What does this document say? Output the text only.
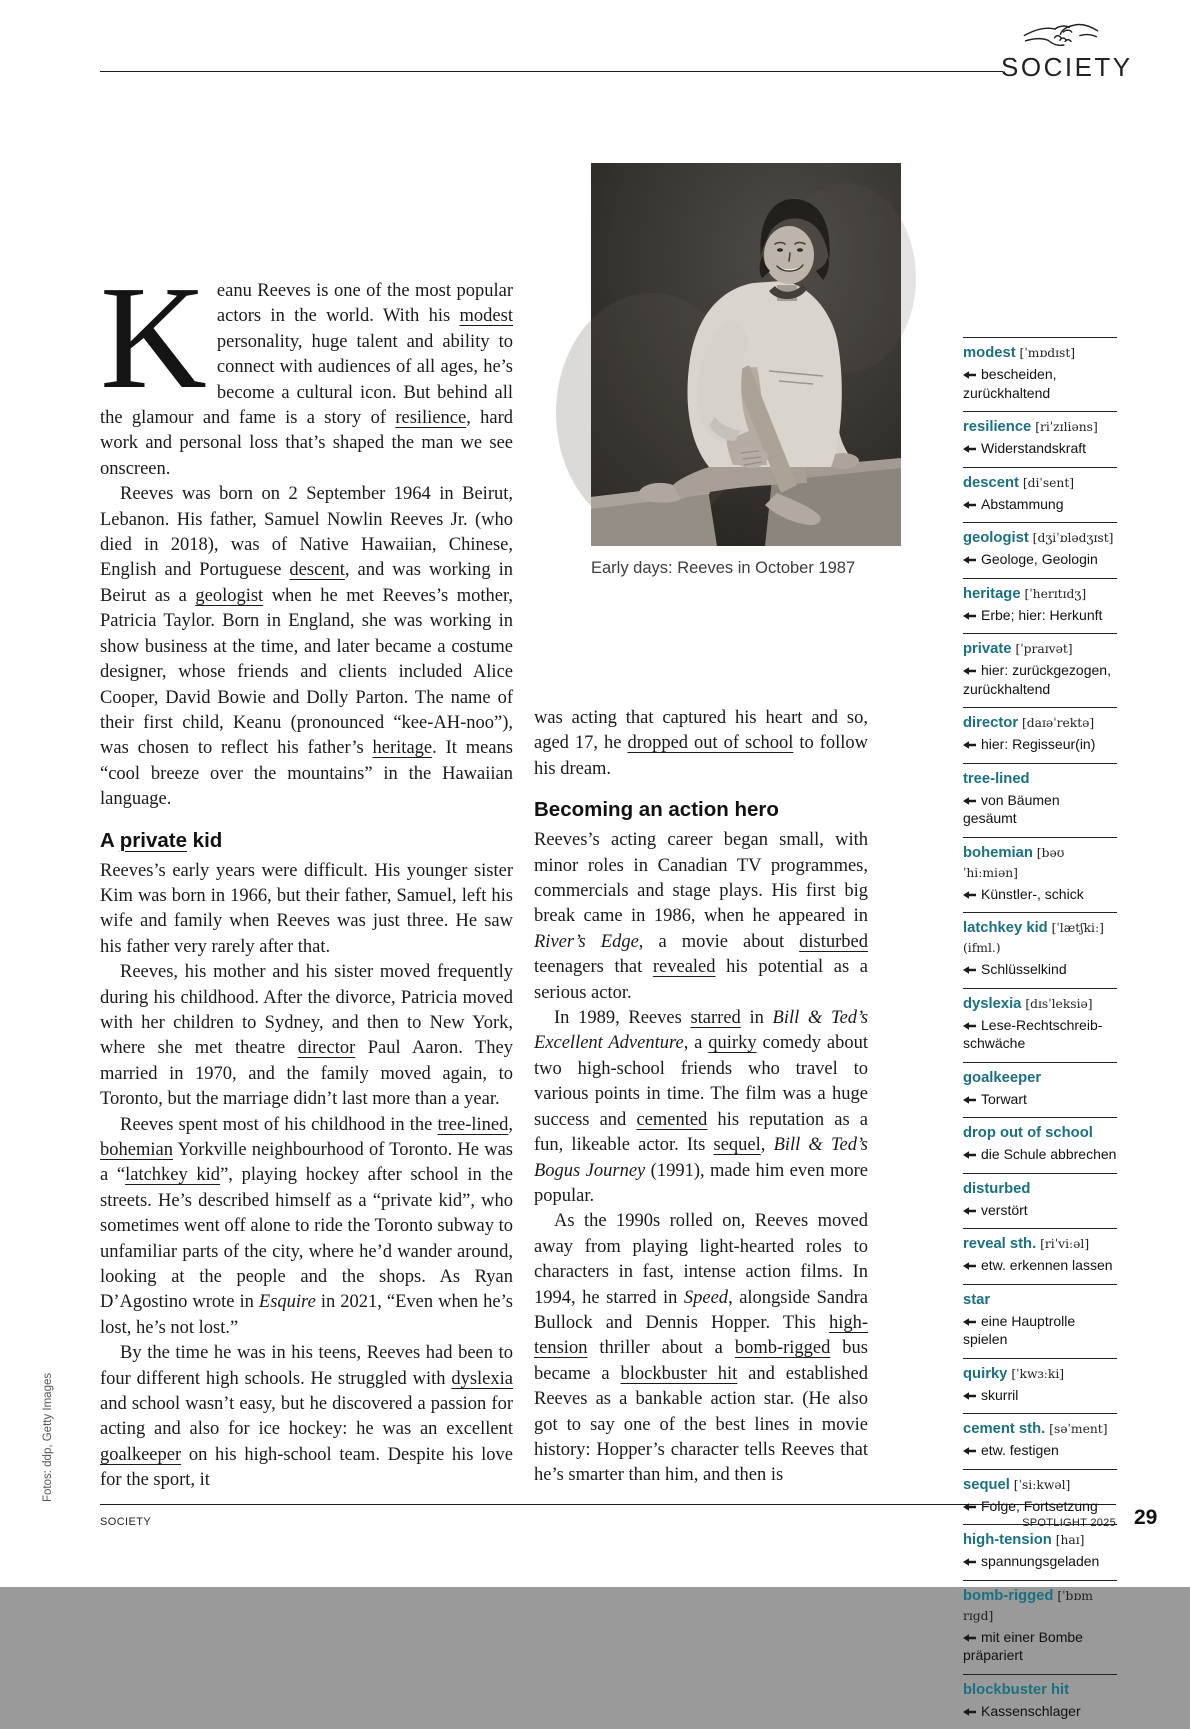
SOCIETY
Early days: Reeves in October 1987

Keanu Reeves is one of the most popular actors in the world. With his modest personality, huge talent and ability to connect with audiences of all ages, he’s become a cultural icon. But behind all the glamour and fame is a story of resilience, hard work and personal loss that’s shaped the man we see onscreen.

Reeves was born on 2 September 1964 in Beirut, Lebanon. His father, Samuel Nowlin Reeves Jr. (who died in 2018), was of Native Hawaiian, Chinese, English and Portuguese descent, and was working in Beirut as a geologist when he met Reeves’s mother, Patricia Taylor. Born in England, she was working in show business at the time, and later became a costume designer, whose friends and clients included Alice Cooper, David Bowie and Dolly Parton. The name of their first child, Keanu (pronounced “kee-AH-noo”), was chosen to reflect his father’s heritage. It means “cool breeze over the mountains” in the Hawaiian language.

A private kid

Reeves’s early years were difficult. His younger sister Kim was born in 1966, but their father, Samuel, left his wife and family when Reeves was just three. He saw his father very rarely after that.

Reeves, his mother and his sister moved frequently during his childhood. After the divorce, Patricia moved with her children to Sydney, and then to New York, where she met theatre director Paul Aaron. They married in 1970, and the family moved again, to Toronto, but the marriage didn’t last more than a year.

Reeves spent most of his childhood in the tree-lined, bohemian Yorkville neighbourhood of Toronto. He was a “latchkey kid”, playing hockey after school in the streets. He’s described himself as a “private kid”, who sometimes went off alone to ride the Toronto subway to unfamiliar parts of the city, where he’d wander around, looking at the people and the shops. As Ryan D’Agostino wrote in Esquire in 2021, “Even when he’s lost, he’s not lost.”

By the time he was in his teens, Reeves had been to four different high schools. He struggled with dyslexia and school wasn’t easy, but he discovered a passion for acting and also for ice hockey: he was an excellent goalkeeper on his high-school team. Despite his love for the sport, it

was acting that captured his heart and so, aged 17, he dropped out of school to follow his dream.

Becoming an action hero

Reeves’s acting career began small, with minor roles in Canadian TV programmes, commercials and stage plays. His first big break came in 1986, when he appeared in River’s Edge, a movie about disturbed teenagers that revealed his potential as a serious actor.

In 1989, Reeves starred in Bill & Ted’s Excellent Adventure, a quirky comedy about two high-school friends who travel to various points in time. The film was a huge success and cemented his reputation as a fun, likeable actor. Its sequel, Bill & Ted’s Bogus Journey (1991), made him even more popular.

As the 1990s rolled on, Reeves moved away from playing light-hearted roles to characters in fast, intense action films. In 1994, he starred in Speed, alongside Sandra Bullock and Dennis Hopper. This high-tension thriller about a bomb-rigged bus became a blockbuster hit and established Reeves as a bankable action star. (He also got to say one of the best lines in movie history: Hopper’s character tells Reeves that he’s smarter than him, and then is

modest [ˈmɒdɪst]
bescheiden, zurückhaltend
resilience [riˈzɪliəns]
Widerstandskraft
descent [diˈsent]
Abstammung
geologist [dʒiˈɒlədʒɪst]
Geologe, Geologin
heritage [ˈherɪtɪdʒ]
Erbe; hier: Herkunft
private [ˈpraɪvət]
hier: zurückgezogen, zurückhaltend
director [daɪəˈrektə]
hier: Regisseur(in)
tree-lined
von Bäumen gesäumt
bohemian [bəʊˈhiːmiən]
Künstler-, schick
latchkey kid [ˈlætʃkiː] (ifml.)
Schlüsselkind
dyslexia [dɪsˈleksiə]
Lese-Rechtschreibschwäche
goalkeeper
Torwart
drop out of school
die Schule abbrechen
disturbed
verstört
reveal sth. [riˈviːəl]
etw. erkennen lassen
star
eine Hauptrolle spielen
quirky [ˈkwɜːki]
skurril
cement sth. [səˈment]
etw. festigen
sequel [ˈsiːkwəl]
Folge, Fortsetzung
high-tension [haɪ]
spannungsgeladen
bomb-rigged [ˈbɒm rɪgd]
mit einer Bombe präpariert
blockbuster hit
Kassenschlager
Fotos: ddp, Getty Images
SOCIETY	SPOTLIGHT 2025 29
